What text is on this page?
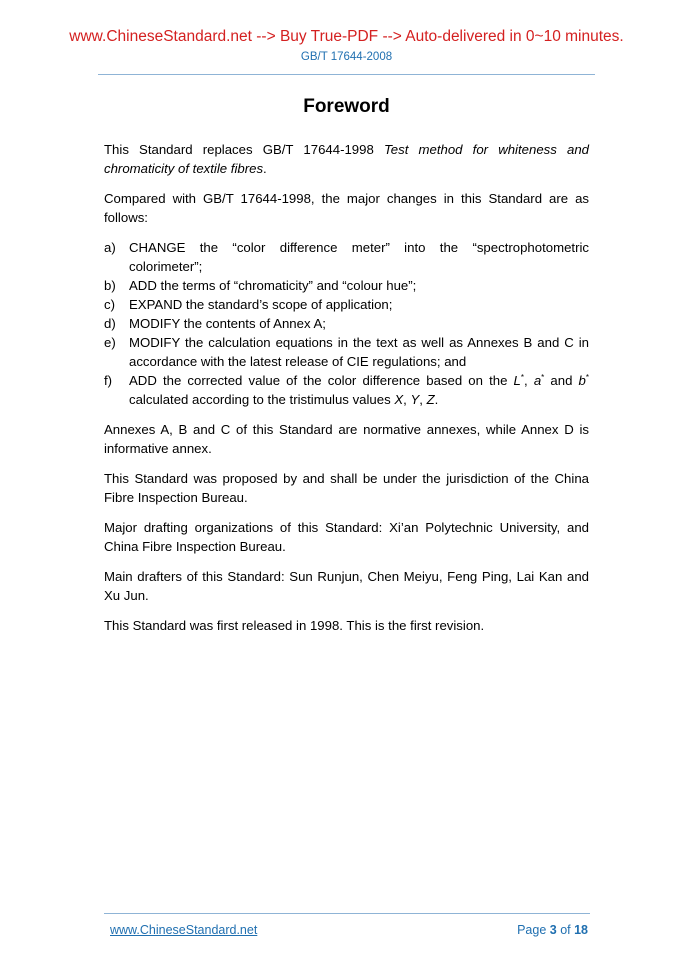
www.ChineseStandard.net --> Buy True-PDF --> Auto-delivered in 0~10 minutes.
GB/T 17644-2008
Foreword

This Standard replaces GB/T 17644-1998 Test method for whiteness and chromaticity of textile fibres.

Compared with GB/T 17644-1998, the major changes in this Standard are as follows:

a) CHANGE the “color difference meter” into the “spectrophotometric colorimeter”;
b) ADD the terms of “chromaticity” and “colour hue”;
c) EXPAND the standard’s scope of application;
d) MODIFY the contents of Annex A;
e) MODIFY the calculation equations in the text as well as Annexes B and C in accordance with the latest release of CIE regulations; and
f) ADD the corrected value of the color difference based on the L*, a* and b* calculated according to the tristimulus values X, Y, Z.

Annexes A, B and C of this Standard are normative annexes, while Annex D is informative annex.

This Standard was proposed by and shall be under the jurisdiction of the China Fibre Inspection Bureau.

Major drafting organizations of this Standard: Xi’an Polytechnic University, and China Fibre Inspection Bureau.

Main drafters of this Standard: Sun Runjun, Chen Meiyu, Feng Ping, Lai Kan and Xu Jun.

This Standard was first released in 1998. This is the first revision.

www.ChineseStandard.net	Page 3 of 18
